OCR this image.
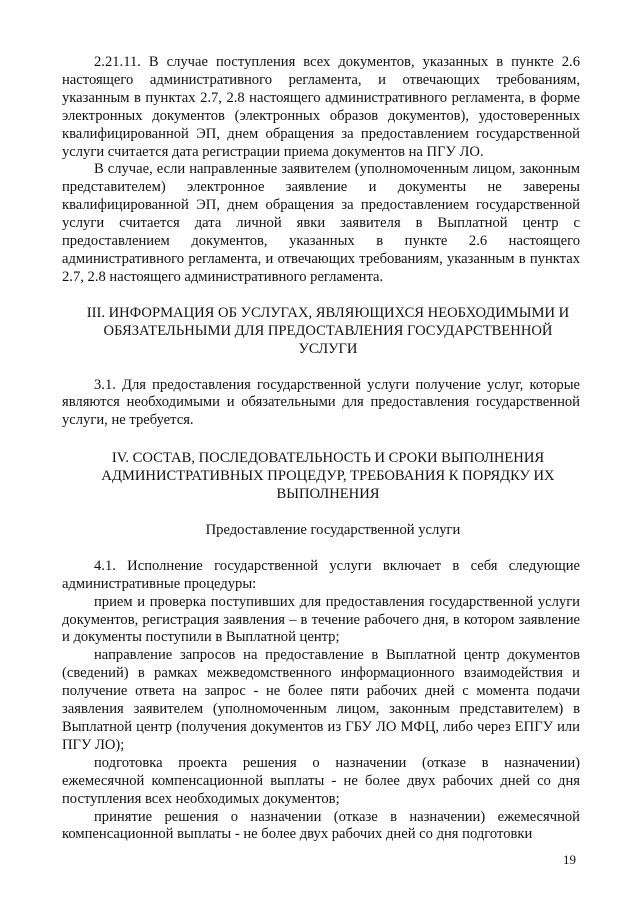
2.21.11. В случае поступления всех документов, указанных в пункте 2.6 настоящего административного регламента, и отвечающих требованиям, указанным в пунктах 2.7, 2.8 настоящего административного регламента, в форме электронных документов (электронных образов документов), удостоверенных квалифицированной ЭП, днем обращения за предоставлением государственной услуги считается дата регистрации приема документов на ПГУ ЛО.

В случае, если направленные заявителем (уполномоченным лицом, законным представителем) электронное заявление и документы не заверены квалифицированной ЭП, днем обращения за предоставлением государственной услуги считается дата личной явки заявителя в Выплатной центр с предоставлением документов, указанных в пункте 2.6 настоящего административного регламента, и отвечающих требованиям, указанным в пунктах 2.7, 2.8 настоящего административного регламента.

III. ИНФОРМАЦИЯ ОБ УСЛУГАХ, ЯВЛЯЮЩИХСЯ НЕОБХОДИМЫМИ И ОБЯЗАТЕЛЬНЫМИ ДЛЯ ПРЕДОСТАВЛЕНИЯ ГОСУДАРСТВЕННОЙ УСЛУГИ

3.1. Для предоставления государственной услуги получение услуг, которые являются необходимыми и обязательными для предоставления государственной услуги, не требуется.

IV. СОСТАВ, ПОСЛЕДОВАТЕЛЬНОСТЬ И СРОКИ ВЫПОЛНЕНИЯ АДМИНИСТРАТИВНЫХ ПРОЦЕДУР, ТРЕБОВАНИЯ К ПОРЯДКУ ИХ ВЫПОЛНЕНИЯ

Предоставление государственной услуги

4.1. Исполнение государственной услуги включает в себя следующие административные процедуры:

прием и проверка поступивших для предоставления государственной услуги документов, регистрация заявления – в течение рабочего дня, в котором заявление и документы поступили в Выплатной центр;

направление запросов на предоставление в Выплатной центр документов (сведений) в рамках межведомственного информационного взаимодействия и получение ответа на запрос - не более пяти рабочих дней с момента подачи заявления заявителем (уполномоченным лицом, законным представителем) в Выплатной центр (получения документов из ГБУ ЛО МФЦ, либо через ЕПГУ или ПГУ ЛО);

подготовка проекта решения о назначении (отказе в назначении) ежемесячной компенсационной выплаты - не более двух рабочих дней со дня поступления всех необходимых документов;

принятие решения о назначении (отказе в назначении) ежемесячной компенсационной выплаты - не более двух рабочих дней со дня подготовки

19
